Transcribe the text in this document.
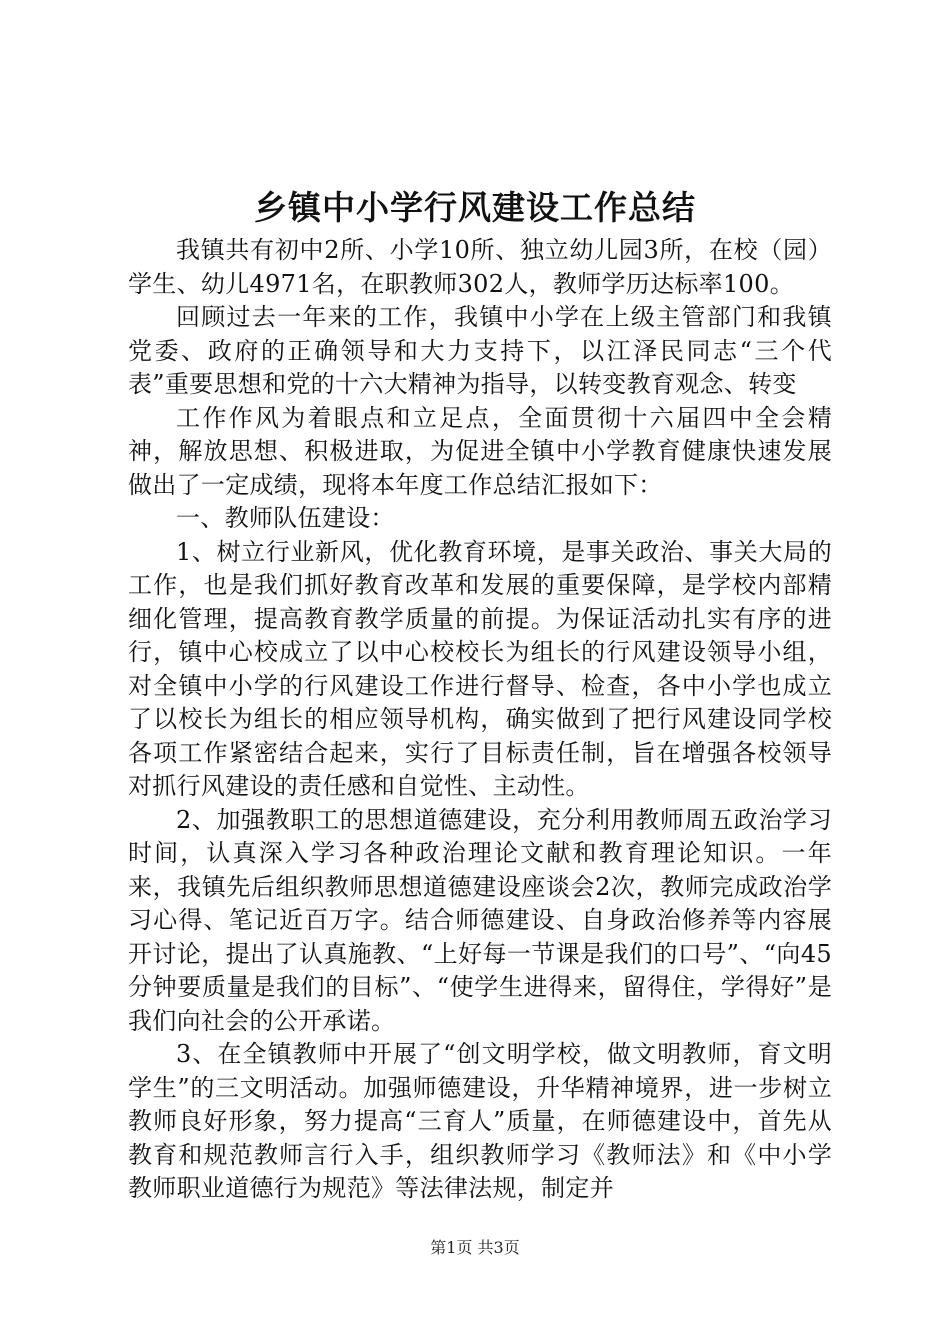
乡镇中小学行风建设工作总结

我镇共有初中2所、小学10所、独立幼儿园3所，在校（园）学生、幼儿4971名，在职教师302人，教师学历达标率100。

回顾过去一年来的工作，我镇中小学在上级主管部门和我镇党委、政府的正确领导和大力支持下，以江泽民同志“三个代表”重要思想和党的十六大精神为指导，以转变教育观念、转变

工作作风为着眼点和立足点，全面贯彻十六届四中全会精神，解放思想、积极进取，为促进全镇中小学教育健康快速发展做出了一定成绩，现将本年度工作总结汇报如下：

一、教师队伍建设：

1、树立行业新风，优化教育环境，是事关政治、事关大局的工作，也是我们抓好教育改革和发展的重要保障，是学校内部精细化管理，提高教育教学质量的前提。为保证活动扎实有序的进行，镇中心校成立了以中心校校长为组长的行风建设领导小组，对全镇中小学的行风建设工作进行督导、检查，各中小学也成立了以校长为组长的相应领导机构，确实做到了把行风建设同学校各项工作紧密结合起来，实行了目标责任制，旨在增强各校领导对抓行风建设的责任感和自觉性、主动性。

2、加强教职工的思想道德建设，充分利用教师周五政治学习时间，认真深入学习各种政治理论文献和教育理论知识。一年来，我镇先后组织教师思想道德建设座谈会2次，教师完成政治学习心得、笔记近百万字。结合师德建设、自身政治修养等内容展开讨论，提出了认真施教、“上好每一节课是我们的口号”、“向45分钟要质量是我们的目标”、“使学生进得来，留得住，学得好”是我们向社会的公开承诺。

3、在全镇教师中开展了“创文明学校，做文明教师，育文明学生”的三文明活动。加强师德建设，升华精神境界，进一步树立教师良好形象，努力提高“三育人”质量，在师德建设中，首先从教育和规范教师言行入手，组织教师学习《教师法》和《中小学教师职业道德行为规范》等法律法规，制定并

第1页 共3页
